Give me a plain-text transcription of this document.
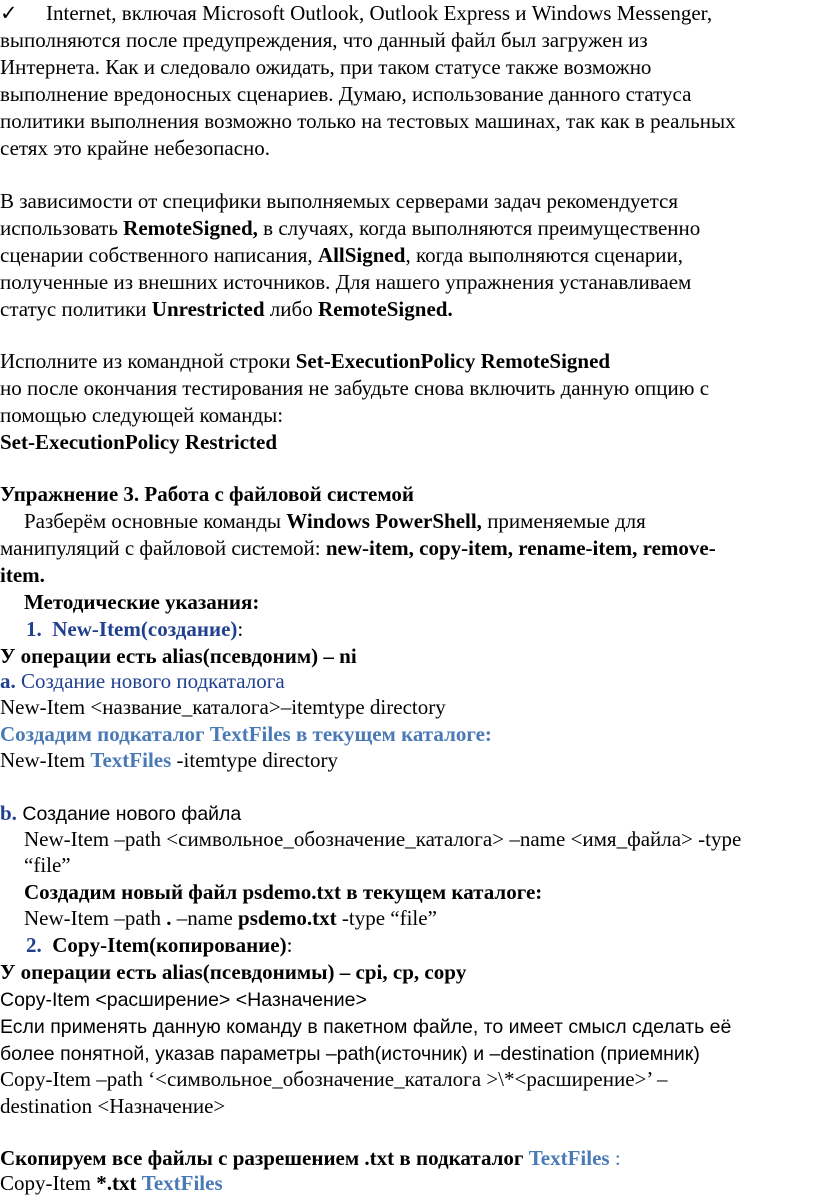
✓ Internet, включая Microsoft Outlook, Outlook Express и Windows Messenger,
выполняются после предупреждения, что данный файл был загружен из
Интернета. Как и следовало ожидать, при таком статусе также возможно
выполнение вредоносных сценариев. Думаю, использование данного статуса
политики выполнения возможно только на тестовых машинах, так как в реальных
сетях это крайне небезопасно.
В зависимости от специфики выполняемых серверами задач рекомендуется
использовать RemoteSigned, в случаях, когда выполняются преимущественно
сценарии собственного написания, AllSigned, когда выполняются сценарии,
полученные из внешних источников. Для нашего упражнения устанавливаем
статус политики Unrestricted либо RemoteSigned.
Исполните из командной строки Set-ExecutionPolicy RemoteSigned
но после окончания тестирования не забудьте снова включить данную опцию с
помощью следующей команды:
Set-ExecutionPolicy Restricted
Упражнение 3. Работа с файловой системой
Разберём основные команды Windows PowerShell, применяемые для
манипуляций с файловой системой: new-item, copy-item, rename-item, remove-
item.
Методические указания:
1. New-Item(создание):
У операции есть alias(псевдоним) – ni
a. Создание нового подкаталога
New-Item <название_каталога>–itemtype directory
Создадим подкаталог TextFiles в текущем каталоге:
New-Item TextFiles -itemtype directory
b. Создание нового файла
New-Item –path <символьное_обозначение_каталога> –name <имя_файла> -type
“file”
Создадим новый файл psdemo.txt в текущем каталоге:
New-Item –path . –name psdemo.txt -type “file”
2. Copy-Item(копирование):
У операции есть alias(псевдонимы) – cpi, cp, copy
Copy-Item <расширение> <Назначение>
Если применять данную команду в пакетном файле, то имеет смысл сделать её
более понятной, указав параметры –path(источник) и –destination (приемник)
Copy-Item –path ‘<символьное_обозначение_каталога >\*<расширение>’ –
destination <Назначение>
Скопируем все файлы с разрешением .txt в подкаталог TextFiles :
Copy-Item *.txt TextFiles
